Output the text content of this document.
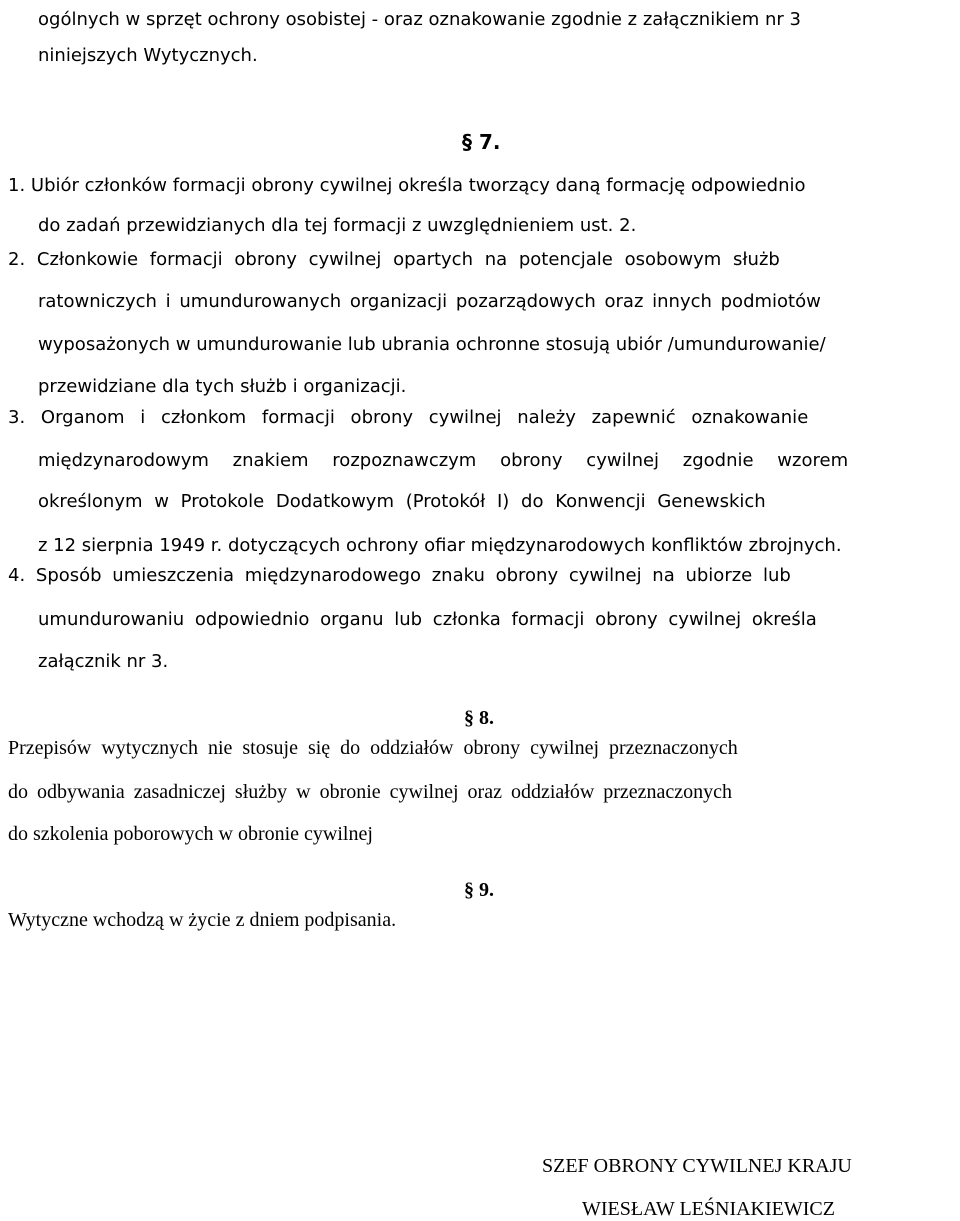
ogólnych w sprzęt ochrony osobistej - oraz oznakowanie zgodnie z załącznikiem nr 3
niniejszych Wytycznych.
§ 7.
1. Ubiór członków formacji obrony cywilnej określa tworzący daną formację odpowiednio
do zadań przewidzianych dla tej formacji z uwzględnieniem ust. 2.
2. Członkowie formacji obrony cywilnej opartych na potencjale osobowym służb
ratowniczych i umundurowanych organizacji pozarządowych oraz innych podmiotów
wyposażonych w umundurowanie lub ubrania ochronne stosują ubiór /umundurowanie/
przewidziane dla tych służb i organizacji.
3. Organom i członkom formacji obrony cywilnej należy zapewnić oznakowanie
międzynarodowym znakiem rozpoznawczym obrony cywilnej zgodnie wzorem
określonym w Protokole Dodatkowym (Protokół I) do Konwencji Genewskich
z 12 sierpnia 1949 r. dotyczących ochrony ofiar międzynarodowych konfliktów zbrojnych.
4. Sposób umieszczenia międzynarodowego znaku obrony cywilnej na ubiorze lub
umundurowaniu odpowiednio organu lub członka formacji obrony cywilnej określa
załącznik nr 3.
§ 8.
Przepisów wytycznych nie stosuje się do oddziałów obrony cywilnej przeznaczonych
do odbywania zasadniczej służby w obronie cywilnej oraz oddziałów przeznaczonych
do szkolenia poborowych w obronie cywilnej
§ 9.
Wytyczne wchodzą w życie z dniem podpisania.
SZEF OBRONY CYWILNEJ KRAJU
WIESŁAW LEŚNIAKIEWICZ
